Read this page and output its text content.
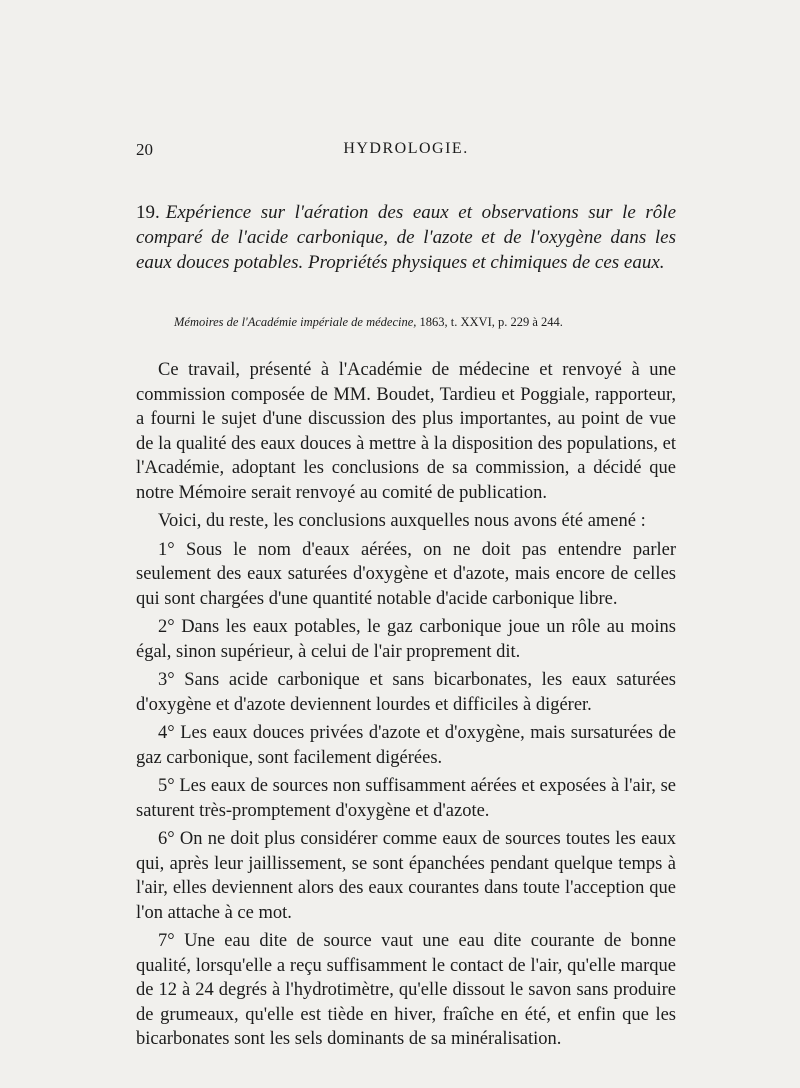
20	HYDROLOGIE.
19. Expérience sur l'aération des eaux et observations sur le rôle comparé de l'acide carbonique, de l'azote et de l'oxygène dans les eaux douces potables. Propriétés physiques et chimiques de ces eaux.
Mémoires de l'Académie impériale de médecine, 1863, t. XXVI, p. 229 à 244.

Ce travail, présenté à l'Académie de médecine et renvoyé à une commission composée de MM. Boudet, Tardieu et Poggiale, rapporteur, a fourni le sujet d'une discussion des plus importantes, au point de vue de la qualité des eaux douces à mettre à la disposition des populations, et l'Académie, adoptant les conclusions de sa commission, a décidé que notre Mémoire serait renvoyé au comité de publication.

Voici, du reste, les conclusions auxquelles nous avons été amené :

1° Sous le nom d'eaux aérées, on ne doit pas entendre parler seulement des eaux saturées d'oxygène et d'azote, mais encore de celles qui sont chargées d'une quantité notable d'acide carbonique libre.

2° Dans les eaux potables, le gaz carbonique joue un rôle au moins égal, sinon supérieur, à celui de l'air proprement dit.

3° Sans acide carbonique et sans bicarbonates, les eaux saturées d'oxygène et d'azote deviennent lourdes et difficiles à digérer.

4° Les eaux douces privées d'azote et d'oxygène, mais sursaturées de gaz carbonique, sont facilement digérées.

5° Les eaux de sources non suffisamment aérées et exposées à l'air, se saturent très-promptement d'oxygène et d'azote.

6° On ne doit plus considérer comme eaux de sources toutes les eaux qui, après leur jaillissement, se sont épanchées pendant quelque temps à l'air, elles deviennent alors des eaux courantes dans toute l'acception que l'on attache à ce mot.

7° Une eau dite de source vaut une eau dite courante de bonne qualité, lorsqu'elle a reçu suffisamment le contact de l'air, qu'elle marque de 12 à 24 degrés à l'hydrotimètre, qu'elle dissout le savon sans produire de grumeaux, qu'elle est tiède en hiver, fraîche en été, et enfin que les bicarbonates sont les sels dominants de sa minéralisation.
